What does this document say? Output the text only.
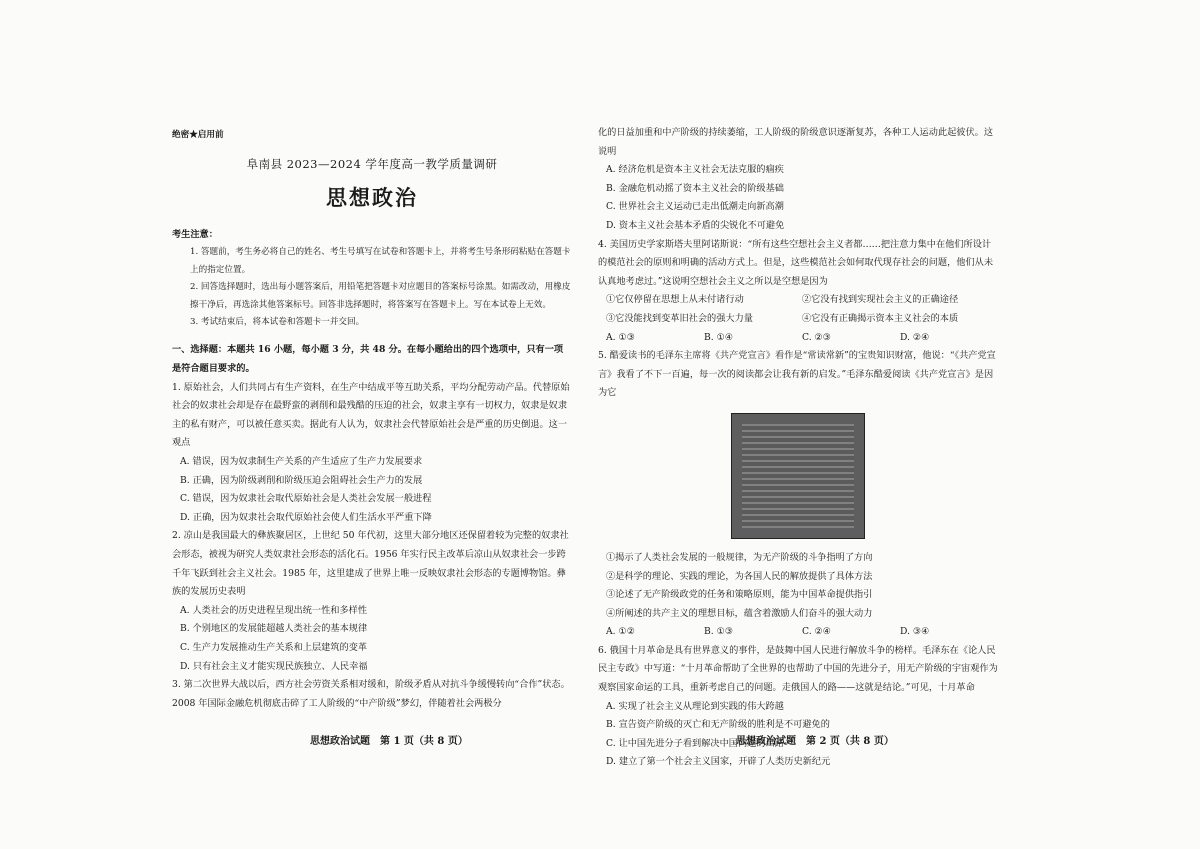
绝密★启用前

阜南县 2023—2024 学年度高一教学质量调研

思想政治

考生注意：

1. 答题前，考生务必将自己的姓名、考生号填写在试卷和答题卡上，并将考生号条形码粘贴在答题卡上的指定位置。

2. 回答选择题时，选出每小题答案后，用铅笔把答题卡对应题目的答案标号涂黑。如需改动，用橡皮擦干净后，再选涂其他答案标号。回答非选择题时，将答案写在答题卡上。写在本试卷上无效。

3. 考试结束后，将本试卷和答题卡一并交回。

一、选择题：本题共 16 小题，每小题 3 分，共 48 分。在每小题给出的四个选项中，只有一项是符合题目要求的。

1. 原始社会，人们共同占有生产资料，在生产中结成平等互助关系，平均分配劳动产品。代替原始社会的奴隶社会却是存在最野蛮的剥削和最残酷的压迫的社会，奴隶主享有一切权力，奴隶是奴隶主的私有财产，可以被任意买卖。据此有人认为，奴隶社会代替原始社会是严重的历史倒退。这一观点

A. 错误，因为奴隶制生产关系的产生适应了生产力发展要求

B. 正确，因为阶级剥削和阶级压迫会阻碍社会生产力的发展

C. 错误，因为奴隶社会取代原始社会是人类社会发展一般进程

D. 正确，因为奴隶社会取代原始社会使人们生活水平严重下降

2. 凉山是我国最大的彝族聚居区，上世纪 50 年代初，这里大部分地区还保留着较为完整的奴隶社会形态，被视为研究人类奴隶社会形态的活化石。1956 年实行民主改革后凉山从奴隶社会一步跨千年飞跃到社会主义社会。1985 年，这里建成了世界上唯一反映奴隶社会形态的专题博物馆。彝族的发展历史表明

A. 人类社会的历史进程呈现出统一性和多样性

B. 个别地区的发展能超越人类社会的基本规律

C. 生产力发展推动生产关系和上层建筑的变革

D. 只有社会主义才能实现民族独立、人民幸福

3. 第二次世界大战以后，西方社会劳资关系相对缓和，阶级矛盾从对抗斗争缓慢转向“合作”状态。2008 年国际金融危机彻底击碎了工人阶级的“中产阶级”梦幻，伴随着社会两极分

化的日益加重和中产阶级的持续萎缩，工人阶级的阶级意识逐渐复苏，各种工人运动此起彼伏。这说明

A. 经济危机是资本主义社会无法克服的痼疾

B. 金融危机动摇了资本主义社会的阶级基础

C. 世界社会主义运动已走出低潮走向新高潮

D. 资本主义社会基本矛盾的尖锐化不可避免

4. 美国历史学家斯塔夫里阿诺斯说：“所有这些空想社会主义者都……把注意力集中在他们所设计的模范社会的原则和明确的活动方式上。但是，这些模范社会如何取代现存社会的问题，他们从未认真地考虑过。”这说明空想社会主义之所以是空想是因为

①它仅停留在思想上从未付诸行动	②它没有找到实现社会主义的正确途径
③它没能找到变革旧社会的强大力量	④它没有正确揭示资本主义社会的本质
A. ①③	B. ①④	C. ②③	D. ②④

5. 酷爱读书的毛泽东主席将《共产党宣言》看作是“常读常新”的宝贵知识财富，他说：“《共产党宣言》我看了不下一百遍，每一次的阅读都会让我有新的启发。”毛泽东酷爱阅读《共产党宣言》是因为它

①揭示了人类社会发展的一般规律，为无产阶级的斗争指明了方向

②是科学的理论、实践的理论，为各国人民的解放提供了具体方法

③论述了无产阶级政党的任务和策略原则，能为中国革命提供指引

④所阐述的共产主义的理想目标，蕴含着激励人们奋斗的强大动力

A. ①②	B. ①③	C. ②④	D. ③④

6. 俄国十月革命是具有世界意义的事件，是鼓舞中国人民进行解放斗争的榜样。毛泽东在《论人民民主专政》中写道：“十月革命帮助了全世界的也帮助了中国的先进分子，用无产阶级的宇宙观作为观察国家命运的工具，重新考虑自己的问题。走俄国人的路——这就是结论。”可见，十月革命

A. 实现了社会主义从理论到实践的伟大跨越

B. 宣告资产阶级的灭亡和无产阶级的胜利是不可避免的

C. 让中国先进分子看到解决中国问题的出路

D. 建立了第一个社会主义国家，开辟了人类历史新纪元

思想政治试题　第 1 页（共 8 页）	思想政治试题　第 2 页（共 8 页）
